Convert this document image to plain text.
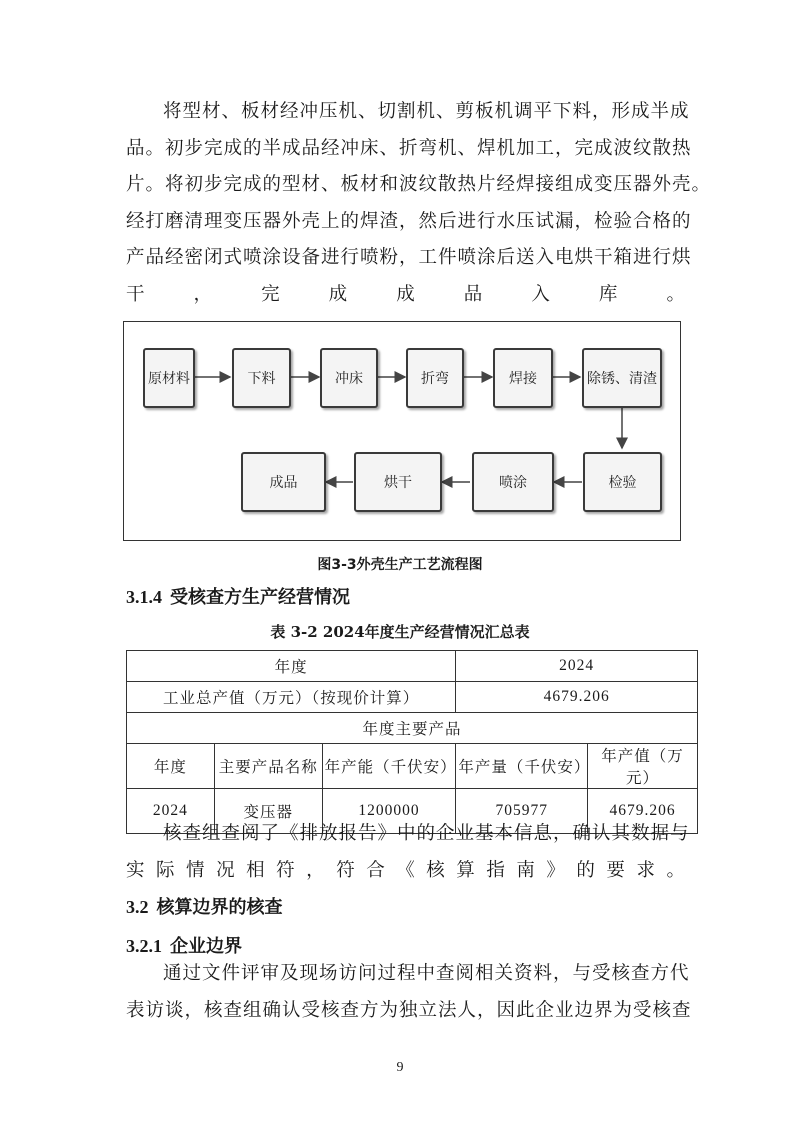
将型材、板材经冲压机、切割机、剪板机调平下料，形成半成
品。初步完成的半成品经冲床、折弯机、焊机加工，完成波纹散热
片。将初步完成的型材、板材和波纹散热片经焊接组成变压器外壳。
经打磨清理变压器外壳上的焊渣，然后进行水压试漏，检验合格的
产品经密闭式喷涂设备进行喷粉，工件喷涂后送入电烘干箱进行烘
干，完成成品入库。
原材料	下料	冲床	折弯	焊接	除锈、清渣
检验
喷涂
烘干
成品
图3-3外壳生产工艺流程图
3.1.4 受核查方生产经营情况
表 3-2 2024年度生产经营情况汇总表
年度			2024	
工业总产值（万元）（按现价计算）			4679.206	
年度主要产品				
年度	主要产品名称	年产能（千伏安）	年产量（千伏安）	年产值（万元）
2024	变压器	1200000	705977	4679.206
核查组查阅了《排放报告》中的企业基本信息，确认其数据与
实际情况相符，符合《核算指南》的要求。
3.2 核算边界的核查
3.2.1 企业边界
通过文件评审及现场访问过程中查阅相关资料，与受核查方代
表访谈，核查组确认受核查方为独立法人，因此企业边界为受核查
9
